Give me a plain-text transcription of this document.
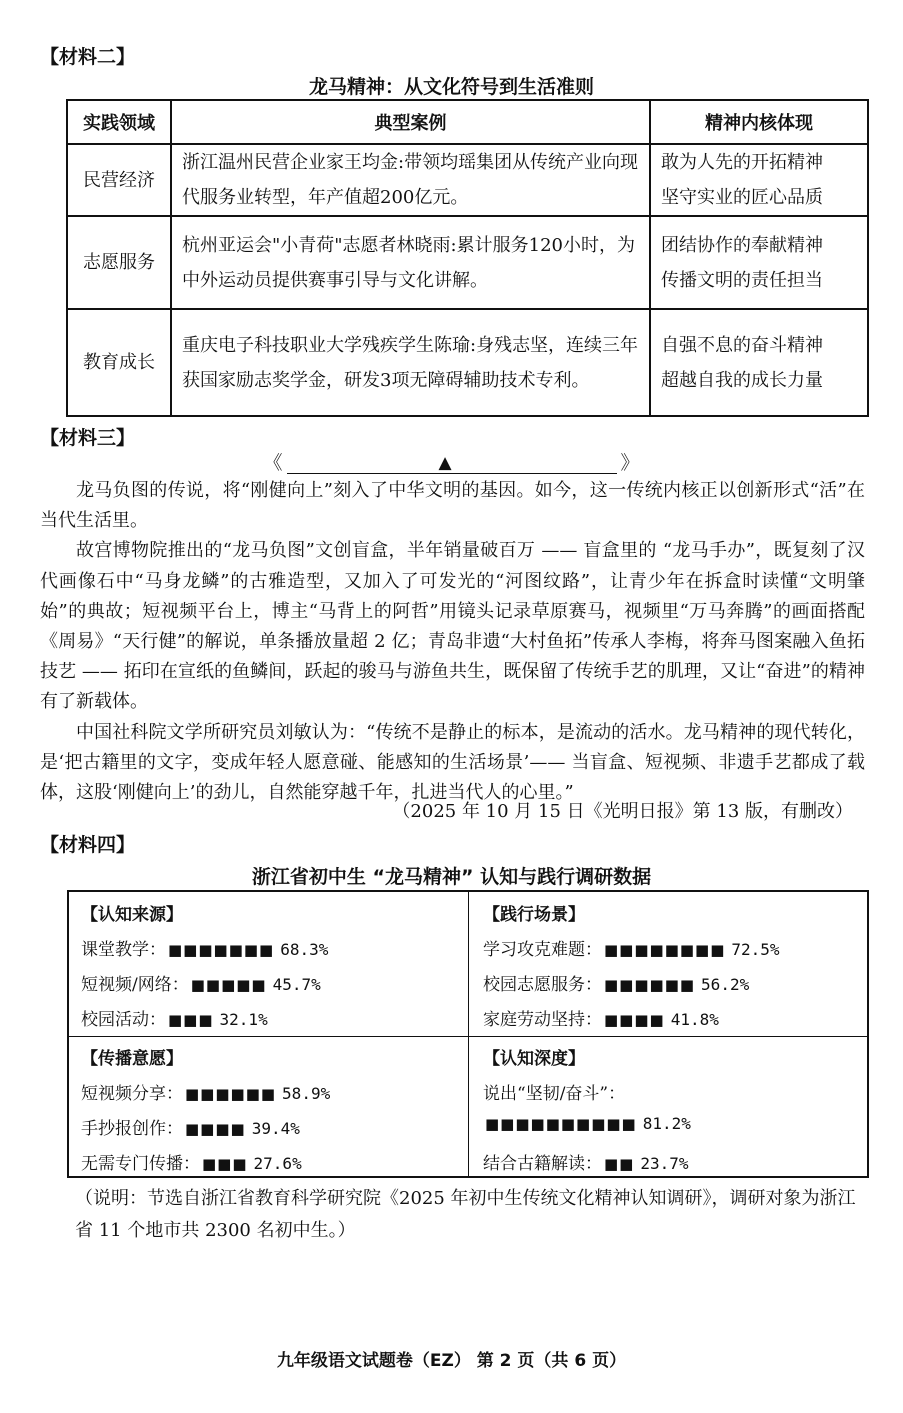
【材料二】
龙马精神：从文化符号到生活准则
实践领域	典型案例	精神内核体现
民营经济	浙江温州民营企业家王均金:带领均瑶集团从传统产业向现代服务业转型，年产值超200亿元。	敢为人先的开拓精神
坚守实业的匠心品质

志愿服务	杭州亚运会"小青荷"志愿者林晓雨:累计服务120小时，为中外运动员提供赛事引导与文化讲解。	团结协作的奉献精神
传播文明的责任担当

教育成长	重庆电子科技职业大学残疾学生陈瑜:身残志坚，连续三年获国家励志奖学金，研发3项无障碍辅助技术专利。	自强不息的奋斗精神
超越自我的成长力量
【材料三】
《	▲	》

龙马负图的传说，将“刚健向上”刻入了中华文明的基因。如今，这一传统内核正以创新形式“活”在当代生活里。

故宫博物院推出的“龙马负图”文创盲盒，半年销量破百万 —— 盲盒里的 “龙马手办”，既复刻了汉代画像石中“马身龙鳞”的古雅造型，又加入了可发光的“河图纹路”，让青少年在拆盒时读懂“文明肇始”的典故；短视频平台上，博主“马背上的阿哲”用镜头记录草原赛马，视频里“万马奔腾”的画面搭配《周易》“天行健”的解说，单条播放量超 2 亿；青岛非遗“大村鱼拓”传承人李梅，将奔马图案融入鱼拓技艺 —— 拓印在宣纸的鱼鳞间，跃起的骏马与游鱼共生，既保留了传统手艺的肌理，又让“奋进”的精神有了新载体。

中国社科院文学所研究员刘敏认为：“传统不是静止的标本，是流动的活水。龙马精神的现代转化，是‘把古籍里的文字，变成年轻人愿意碰、能感知的生活场景’—— 当盲盒、短视频、非遗手艺都成了载体，这股‘刚健向上’的劲儿，自然能穿越千年，扎进当代人的心里。”

（2025 年 10 月 15 日《光明日报》第 13 版，有删改）
【材料四】
浙江省初中生 “龙马精神” 认知与践行调研数据
【认知来源】
课堂教学： ■■■■■■■ 68.3%
短视频/网络： ■■■■■ 45.7%
校园活动： ■■■ 32.1%
【践行场景】
学习攻克难题： ■■■■■■■■ 72.5%
校园志愿服务： ■■■■■■ 56.2%
家庭劳动坚持： ■■■■ 41.8%
【传播意愿】
短视频分享： ■■■■■■ 58.9%
手抄报创作： ■■■■ 39.4%
无需专门传播： ■■■ 27.6%
【认知深度】
说出“坚韧/奋斗”：
■■■■■■■■■■ 81.2%
结合古籍解读： ■■ 23.7%
（说明：节选自浙江省教育科学研究院《2025 年初中生传统文化精神认知调研》，调研对象为浙江省 11 个地市共 2300 名初中生。）
九年级语文试题卷（EZ） 第 2 页（共 6 页）
